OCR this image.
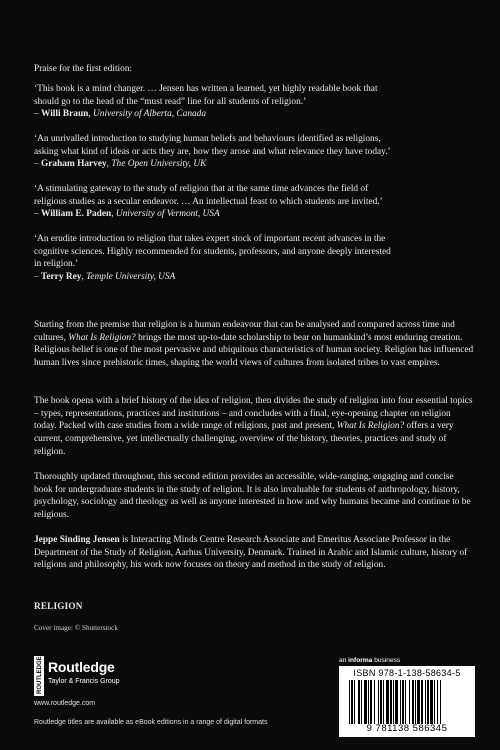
Praise for the first edition:
‘This book is a mind changer. … Jensen has written a learned, yet highly readable book that
should go to the head of the “must read” line for all students of religion.’
– Willi Braun, University of Alberta, Canada
‘An unrivalled introduction to studying human beliefs and behaviours identified as religions,
asking what kind of ideas or acts they are, how they arose and what relevance they have today.’
– Graham Harvey, The Open University, UK
‘A stimulating gateway to the study of religion that at the same time advances the field of
religious studies as a secular endeavor. … An intellectual feast to which students are invited.’
– William E. Paden, University of Vermont, USA
‘An erudite introduction to religion that takes expert stock of important recent advances in the
cognitive sciences. Highly recommended for students, professors, and anyone deeply interested
in religion.’
– Terry Rey, Temple University, USA
Starting from the premise that religion is a human endeavour that can be analysed and compared across time and cultures, What Is Religion? brings the most up-to-date scholarship to bear on humankind’s most enduring creation. Religious belief is one of the most pervasive and ubiquitous characteristics of human society. Religion has influenced human lives since prehistoric times, shaping the world views of cultures from isolated tribes to vast empires.
The book opens with a brief history of the idea of religion, then divides the study of religion into four essential topics – types, representations, practices and institutions – and concludes with a final, eye-opening chapter on religion today. Packed with case studies from a wide range of religions, past and present, What Is Religion? offers a very current, comprehensive, yet intellectually challenging, overview of the history, theories, practices and study of religion.
Thoroughly updated throughout, this second edition provides an accessible, wide-ranging, engaging and concise book for undergraduate students in the study of religion. It is also invaluable for students of anthropology, history, psychology, sociology and theology as well as anyone interested in how and why humans became and continue to be religious.
Jeppe Sinding Jensen is Interacting Minds Centre Research Associate and Emeritus Associate Professor in the Department of the Study of Religion, Aarhus University, Denmark. Trained in Arabic and Islamic culture, history of religions and philosophy, his work now focuses on theory and method in the study of religion.
RELIGION
Cover image: © Shutterstock
ROUTLEDGE Routledge
Taylor & Francis Group
www.routledge.com
an informa business
ISBN 978-1-138-58634-5
9 781138 586345
Routledge titles are available as eBook editions in a range of digital formats
